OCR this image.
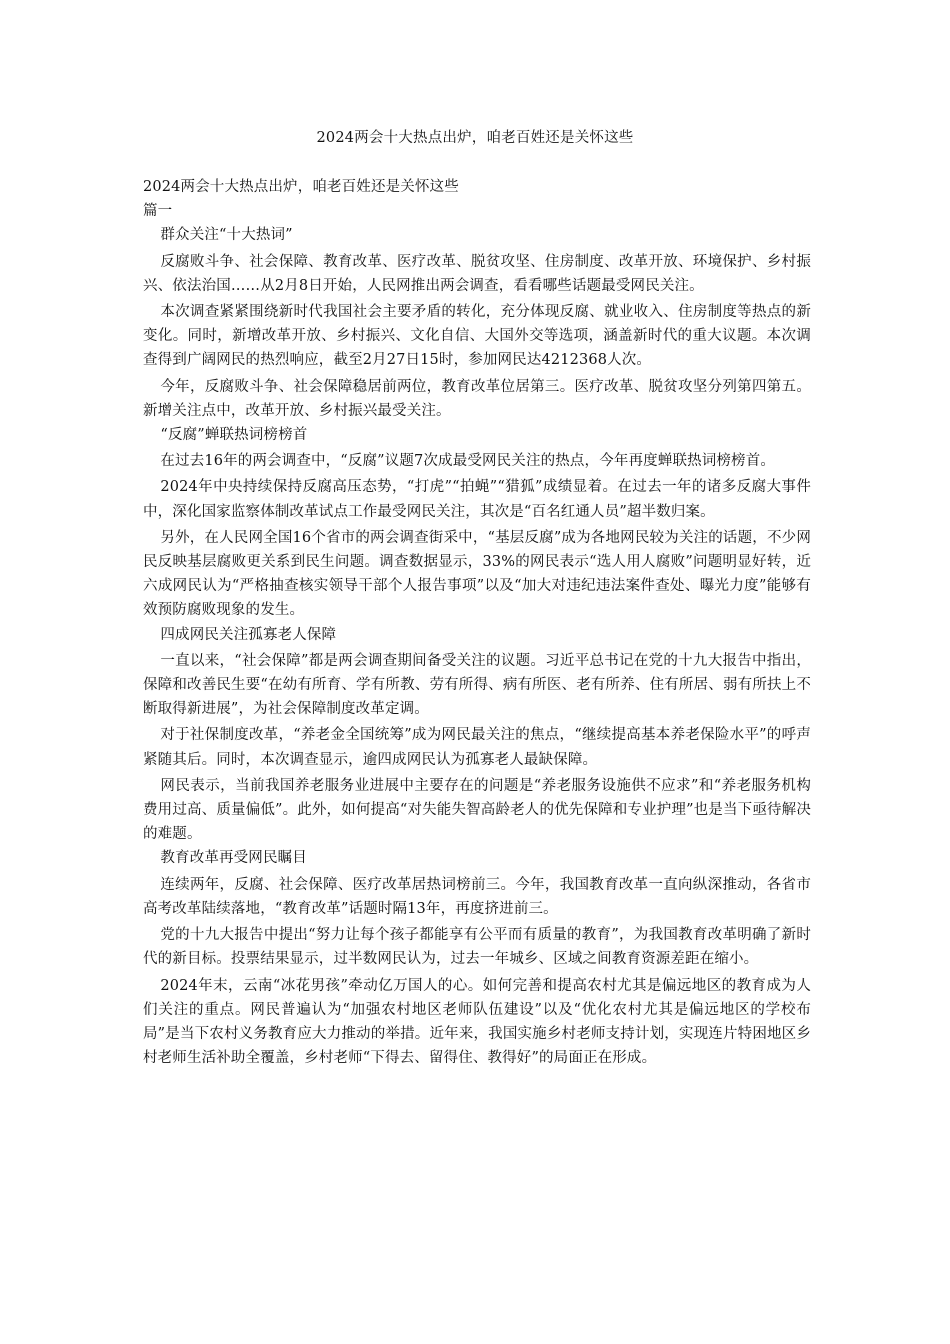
2024两会十大热点出炉，咱老百姓还是关怀这些

2024两会十大热点出炉，咱老百姓还是关怀这些

篇一

群众关注“十大热词”

反腐败斗争、社会保障、教育改革、医疗改革、脱贫攻坚、住房制度、改革开放、环境保护、乡村振兴、依法治国……从2月8日开始，人民网推出两会调查，看看哪些话题最受网民关注。

本次调查紧紧围绕新时代我国社会主要矛盾的转化，充分体现反腐、就业收入、住房制度等热点的新变化。同时，新增改革开放、乡村振兴、文化自信、大国外交等选项，涵盖新时代的重大议题。本次调查得到广阔网民的热烈响应，截至2月27日15时，参加网民达4212368人次。

今年，反腐败斗争、社会保障稳居前两位，教育改革位居第三。医疗改革、脱贫攻坚分列第四第五。新增关注点中，改革开放、乡村振兴最受关注。

“反腐”蝉联热词榜榜首

在过去16年的两会调查中，“反腐”议题7次成最受网民关注的热点，今年再度蝉联热词榜榜首。

2024年中央持续保持反腐高压态势，“打虎”“拍蝇”“猎狐”成绩显着。在过去一年的诸多反腐大事件中，深化国家监察体制改革试点工作最受网民关注，其次是“百名红通人员”超半数归案。

另外，在人民网全国16个省市的两会调查街采中，“基层反腐”成为各地网民较为关注的话题，不少网民反映基层腐败更关系到民生问题。调查数据显示，33%的网民表示“选人用人腐败”问题明显好转，近六成网民认为“严格抽查核实领导干部个人报告事项”以及“加大对违纪违法案件查处、曝光力度”能够有效预防腐败现象的发生。

四成网民关注孤寡老人保障

一直以来，“社会保障”都是两会调查期间备受关注的议题。习近平总书记在党的十九大报告中指出，保障和改善民生要“在幼有所育、学有所教、劳有所得、病有所医、老有所养、住有所居、弱有所扶上不断取得新进展”，为社会保障制度改革定调。

对于社保制度改革，“养老金全国统筹”成为网民最关注的焦点，“继续提高基本养老保险水平”的呼声紧随其后。同时，本次调查显示，逾四成网民认为孤寡老人最缺保障。

网民表示，当前我国养老服务业进展中主要存在的问题是“养老服务设施供不应求”和“养老服务机构费用过高、质量偏低”。此外，如何提高“对失能失智高龄老人的优先保障和专业护理”也是当下亟待解决的难题。

教育改革再受网民瞩目

连续两年，反腐、社会保障、医疗改革居热词榜前三。今年，我国教育改革一直向纵深推动，各省市高考改革陆续落地，“教育改革”话题时隔13年，再度挤进前三。

党的十九大报告中提出“努力让每个孩子都能享有公平而有质量的教育”，为我国教育改革明确了新时代的新目标。投票结果显示，过半数网民认为，过去一年城乡、区域之间教育资源差距在缩小。

2024年末，云南“冰花男孩”牵动亿万国人的心。如何完善和提高农村尤其是偏远地区的教育成为人们关注的重点。网民普遍认为“加强农村地区老师队伍建设”以及“优化农村尤其是偏远地区的学校布局”是当下农村义务教育应大力推动的举措。近年来，我国实施乡村老师支持计划，实现连片特困地区乡村老师生活补助全覆盖，乡村老师“下得去、留得住、教得好”的局面正在形成。
